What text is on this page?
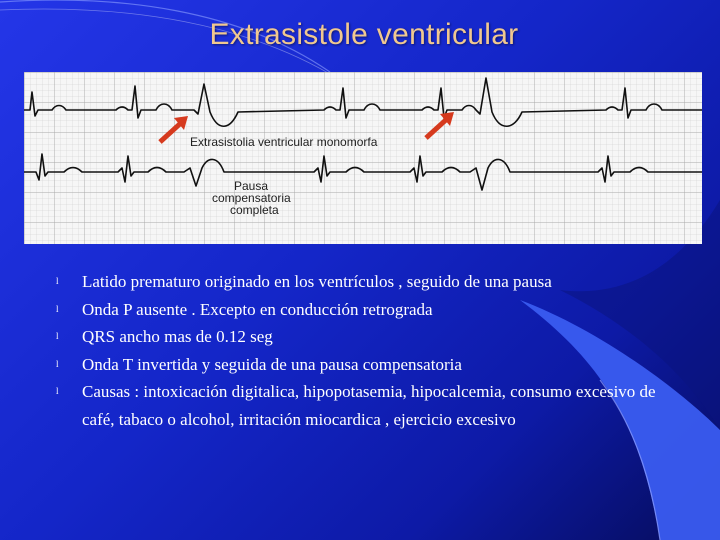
Extrasistole ventricular
Extrasistolia ventricular monomorfa
Pausa
compensatoria
completa
l Latido prematuro originado en los ventrículos , seguido de una pausa
l Onda P ausente . Excepto en conducción retrograda
l QRS ancho mas de 0.12 seg
l Onda T invertida y seguida de una pausa compensatoria
l Causas : intoxicación digitalica, hipopotasemia, hipocalcemia, consumo excesivo de café, tabaco o alcohol, irritación miocardica , ejercicio excesivo
